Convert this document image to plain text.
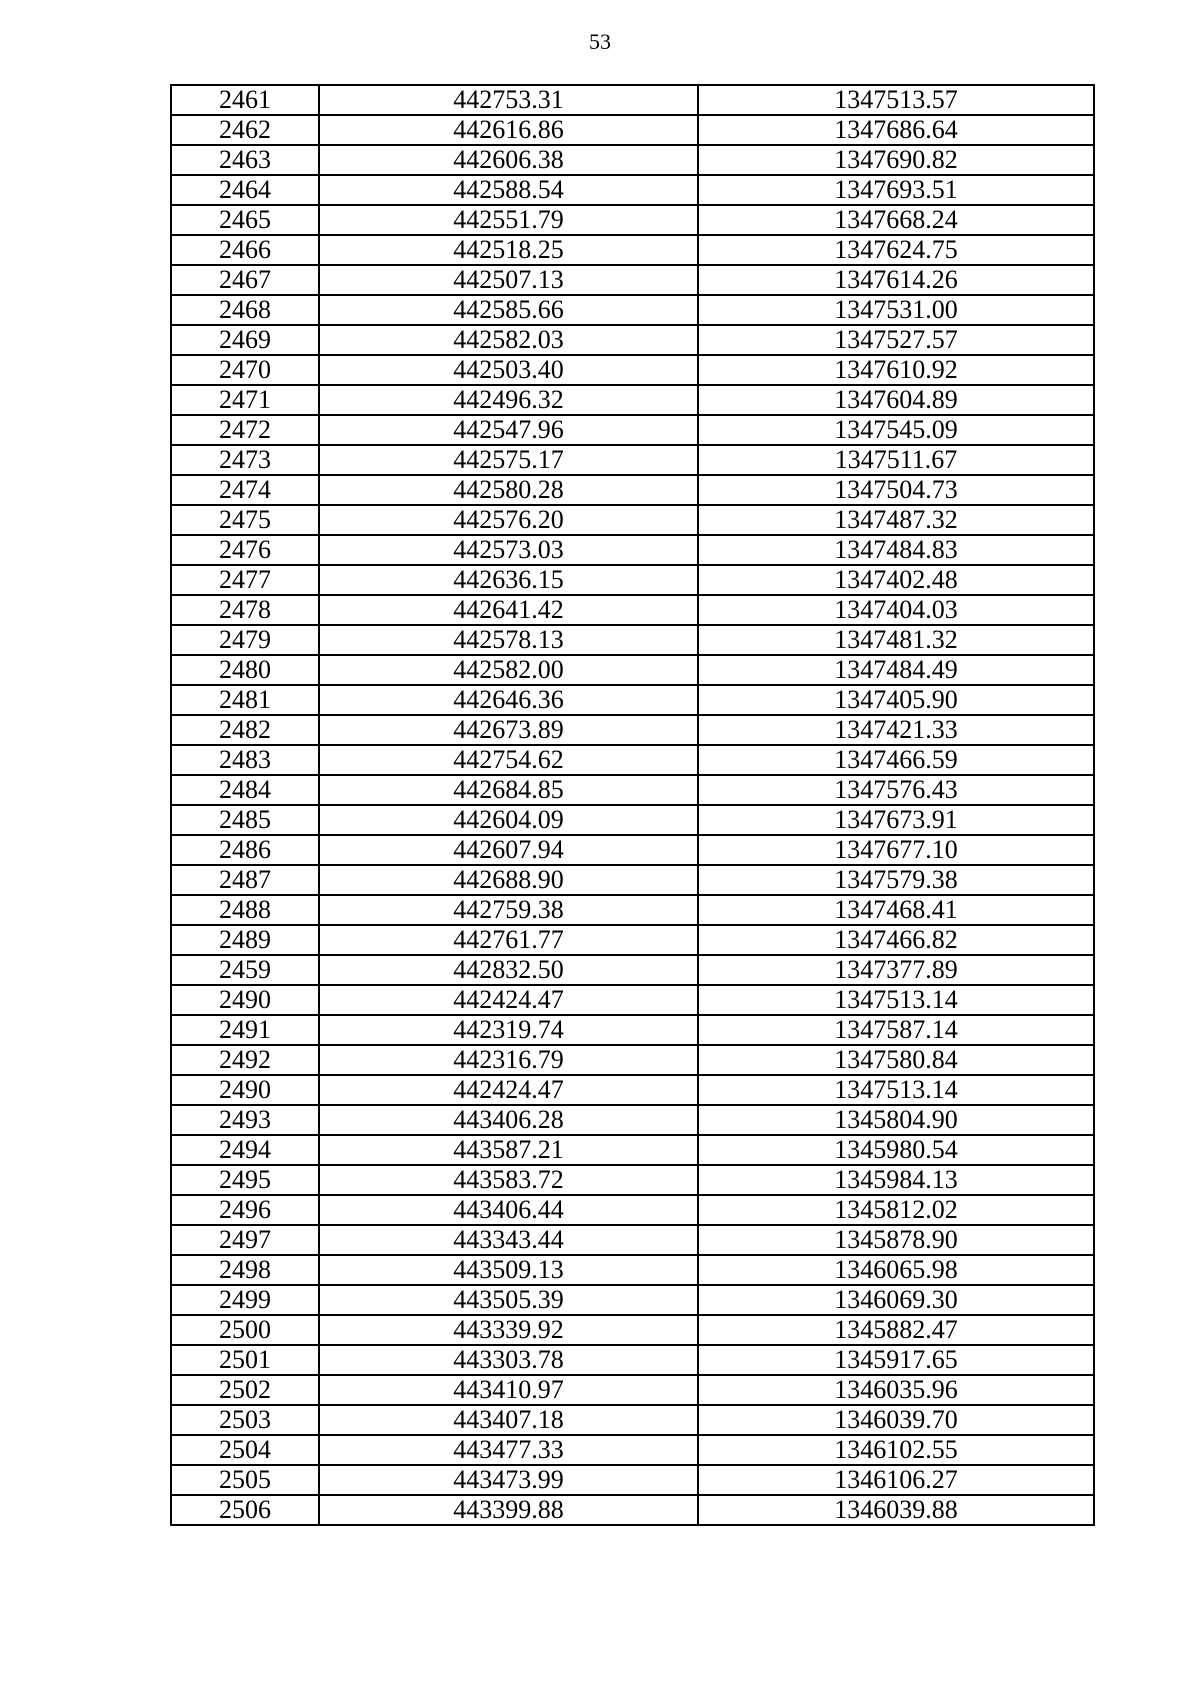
53
2461	442753.31	1347513.57
2462	442616.86	1347686.64
2463	442606.38	1347690.82
2464	442588.54	1347693.51
2465	442551.79	1347668.24
2466	442518.25	1347624.75
2467	442507.13	1347614.26
2468	442585.66	1347531.00
2469	442582.03	1347527.57
2470	442503.40	1347610.92
2471	442496.32	1347604.89
2472	442547.96	1347545.09
2473	442575.17	1347511.67
2474	442580.28	1347504.73
2475	442576.20	1347487.32
2476	442573.03	1347484.83
2477	442636.15	1347402.48
2478	442641.42	1347404.03
2479	442578.13	1347481.32
2480	442582.00	1347484.49
2481	442646.36	1347405.90
2482	442673.89	1347421.33
2483	442754.62	1347466.59
2484	442684.85	1347576.43
2485	442604.09	1347673.91
2486	442607.94	1347677.10
2487	442688.90	1347579.38
2488	442759.38	1347468.41
2489	442761.77	1347466.82
2459	442832.50	1347377.89
2490	442424.47	1347513.14
2491	442319.74	1347587.14
2492	442316.79	1347580.84
2490	442424.47	1347513.14
2493	443406.28	1345804.90
2494	443587.21	1345980.54
2495	443583.72	1345984.13
2496	443406.44	1345812.02
2497	443343.44	1345878.90
2498	443509.13	1346065.98
2499	443505.39	1346069.30
2500	443339.92	1345882.47
2501	443303.78	1345917.65
2502	443410.97	1346035.96
2503	443407.18	1346039.70
2504	443477.33	1346102.55
2505	443473.99	1346106.27
2506	443399.88	1346039.88
